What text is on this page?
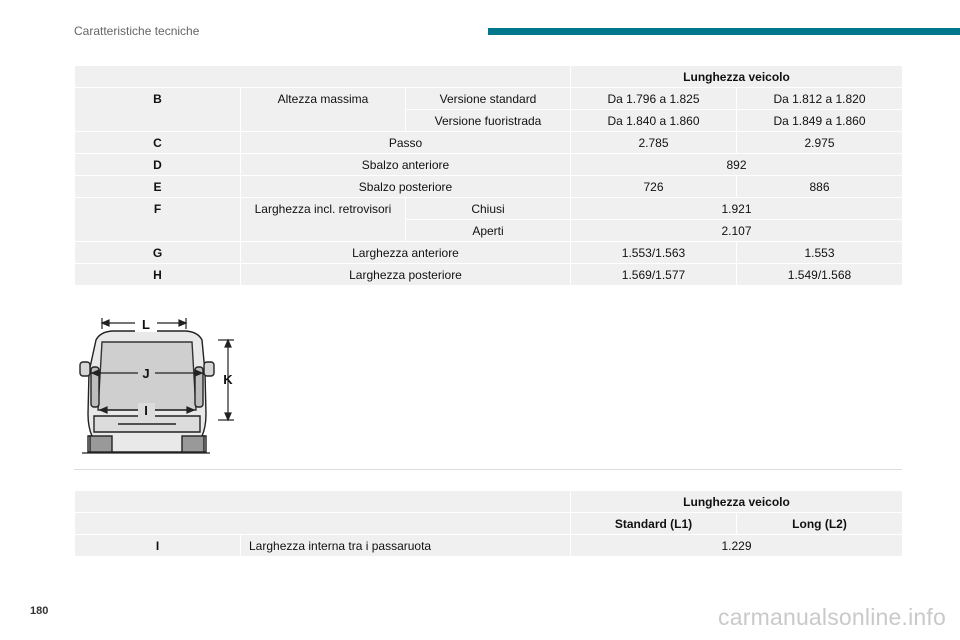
Caratteristiche tecniche
			Lunghezza veicolo	
B	Altezza massima	Versione standard	Da 1.796 a 1.825	Da 1.812 a 1.820
		Versione fuoristrada	Da 1.840 a 1.860	Da 1.849 a 1.860
C	Passo		2.785	2.975
D	Sbalzo anteriore		892	
E	Sbalzo posteriore		726	886
F	Larghezza incl. retrovisori	Chiusi	1.921	
		Aperti	2.107	
G	Larghezza anteriore		1.553/1.563	1.553
H	Larghezza posteriore		1.569/1.577	1.549/1.568
L
J
I
K
		Lunghezza veicolo	
		Standard (L1)	Long (L2)
I	Larghezza interna tra i passaruota	1.229	
180	carmanualsonline.info
